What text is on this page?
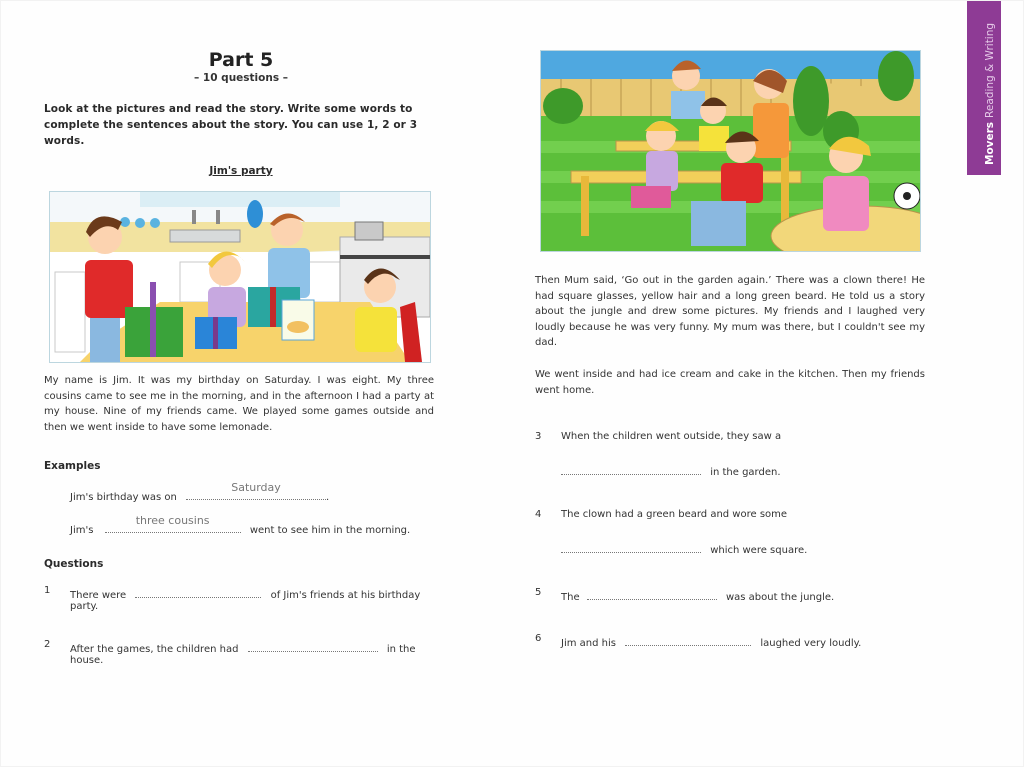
MoversReading & Writing
Part 5
– 10 questions –
Look at the pictures and read the story. Write some words to complete the sentences about the story. You can use 1, 2 or 3 words.
Jim's party
My name is Jim. It was my birthday on Saturday. I was eight. My three cousins came to see me in the morning, and in the afternoon I had a party at my house. Nine of my friends came. We played some games outside and then we went inside to have some lemonade.
Examples
Jim's birthday was on
Saturday
.
Jim's
three cousins
went to see him in the morning.
Questions
1 There were	of Jim's friends at his birthday
party.
2 After the games, the children had	in the
house.
Then Mum said, ‘Go out in the garden again.’ There was a clown there! He had square glasses, yellow hair and a long green beard. He told us a story about the jungle and drew some pictures. My friends and I laughed very loudly because he was very funny. My mum was there, but I couldn't see my dad.
We went inside and had ice cream and cake in the kitchen. Then my friends went home.
3 When the children went outside, they saw a
in the garden.
4 The clown had a green beard and wore some
which were square.
5 The	was about the jungle.
6 Jim and his	laughed very loudly.
